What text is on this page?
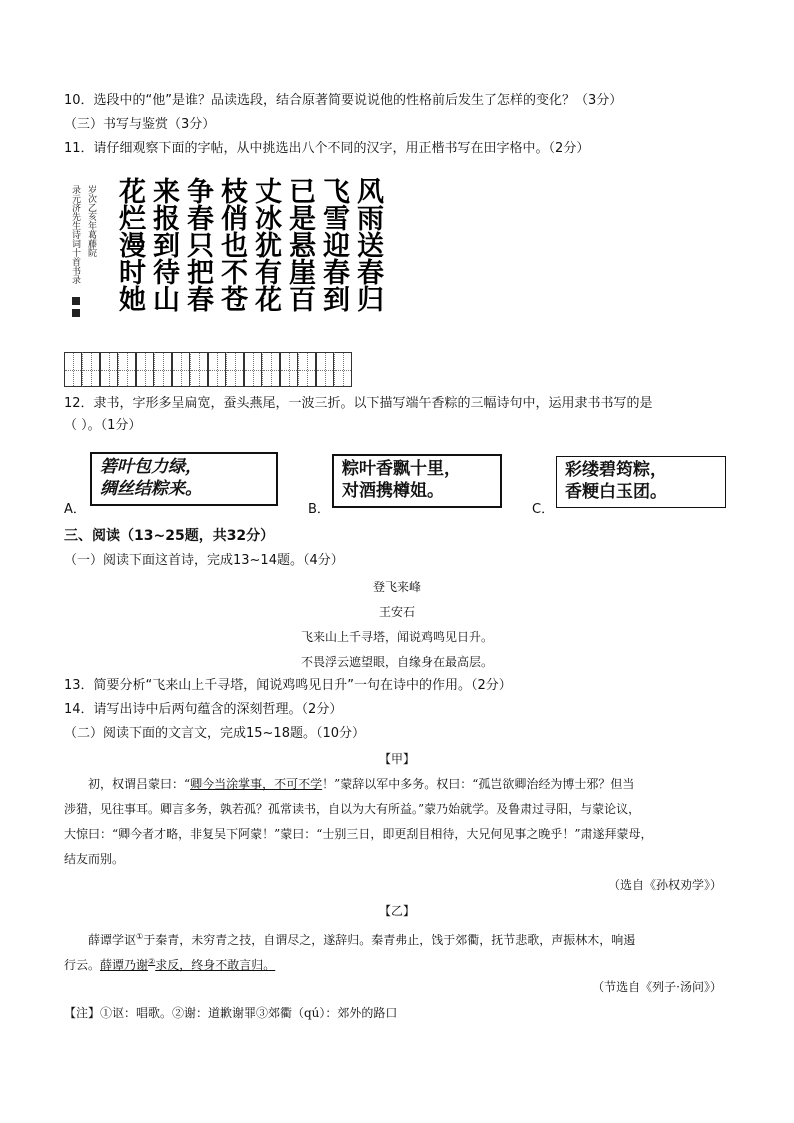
10．选段中的“他”是谁？品读选段，结合原著简要说说他的性格前后发生了怎样的变化？（3分）
（三）书写与鉴赏（3分）
11．请仔细观察下面的字帖，从中挑选出八个不同的汉字，用正楷书写在田字格中。（2分）
录元济先生诗词十首书录 岁次乙亥年葛藤院	风雨送春归
飞雪迎春到
已是悬崖百
丈冰犹有花
枝俏也不苍
争春只把春
来报到待山
花烂漫时她
12．隶书，字形多呈扁宽，蚕头燕尾，一波三折。以下描写端午香粽的三幅诗句中，运用隶书书写的是
（ ）。（1分）
A．
箬叶包力绿，
绸丝结粽来。
B．
粽叶香飘十里，
对酒携樽姐。
C．
彩缕碧筠粽，
香粳白玉团。
三、阅读（13~25题，共32分）
（一）阅读下面这首诗，完成13~14题。（4分）
登飞来峰
王安石
飞来山上千寻塔，闻说鸡鸣见日升。
不畏浮云遮望眼，自缘身在最高层。
13．简要分析“飞来山上千寻塔，闻说鸡鸣见日升”一句在诗中的作用。（2分）
14．请写出诗中后两句蕴含的深刻哲理。（2分）
（二）阅读下面的文言文，完成15~18题。（10分）
【甲】
初，权谓吕蒙曰：“卿今当涂掌事，不可不学！”蒙辞以军中多务。权曰：“孤岂欲卿治经为博士邪？但当
涉猎，见往事耳。卿言多务，孰若孤？孤常读书，自以为大有所益。”蒙乃始就学。及鲁肃过寻阳，与蒙论议，
大惊曰：“卿今者才略，非复吴下阿蒙！”蒙曰：“士别三日，即更刮目相待，大兄何见事之晚乎！”肃遂拜蒙母，
结友而别。
（选自《孙权劝学》）
【乙】
薛谭学讴①于秦青，未穷青之技，自谓尽之，遂辞归。秦青弗止，饯于郊衢，抚节悲歌，声振林木，响遏
行云。薛谭乃谢②求反，终身不敢言归。
（节选自《列子·汤问》）
【注】①讴：唱歌。②谢：道歉谢罪③郊衢（qú）：郊外的路口
